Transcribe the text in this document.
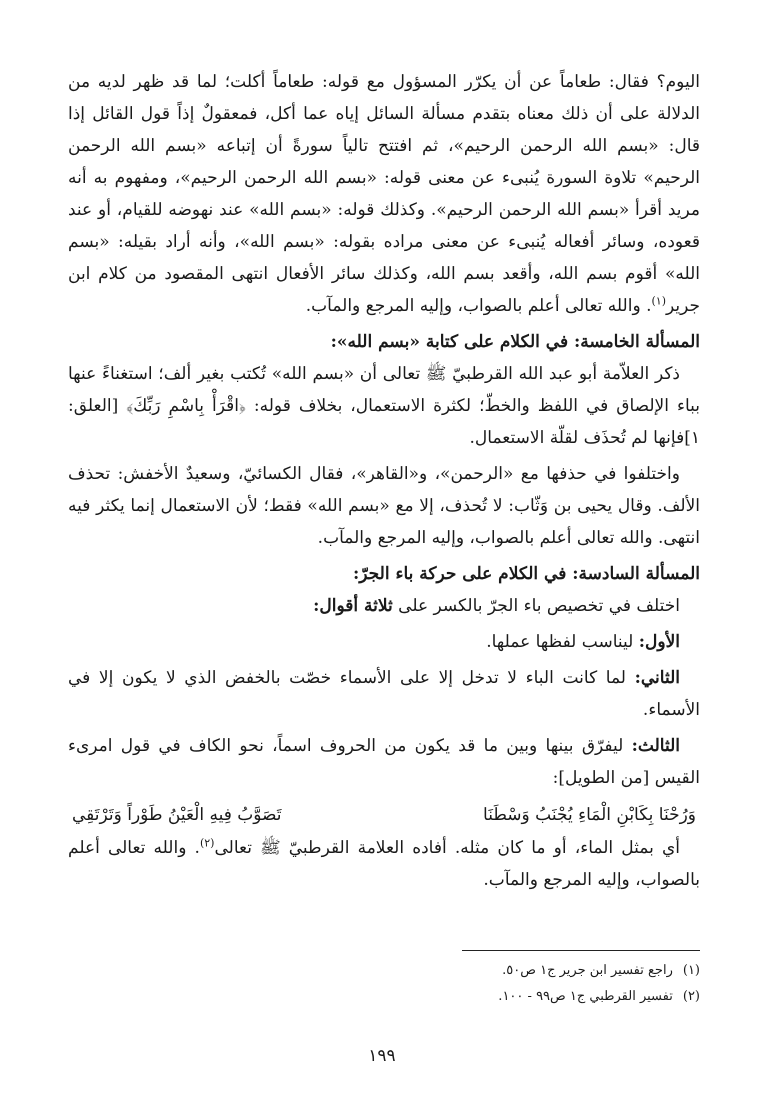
اليوم؟ فقال: طعاماً عن أن يكرّر المسؤول مع قوله: طعاماً أكلت؛ لما قد ظهر لديه من الدلالة على أن ذلك معناه بتقدم مسألة السائل إياه عما أكل، فمعقولٌ إذاً قول القائل إذا قال: «بسم الله الرحمن الرحيم»، ثم افتتح تالياً سورةً أن إتباعه «بسم الله الرحمن الرحيم» تلاوة السورة يُنبىء عن معنى قوله: «بسم الله الرحمن الرحيم»، ومفهوم به أنه مريد أقرأ «بسم الله الرحمن الرحيم». وكذلك قوله: «بسم الله» عند نهوضه للقيام، أو عند قعوده، وسائر أفعاله يُنبىء عن معنى مراده بقوله: «بسم الله»، وأنه أراد بقيله: «بسم الله» أقوم بسم الله، وأقعد بسم الله، وكذلك سائر الأفعال انتهى المقصود من كلام ابن جرير$^{(١)}$. والله تعالى أعلم بالصواب، وإليه المرجع والمآب.

المسألة الخامسة: في الكلام على كتابة «بسم الله»:

ذكر العلاّمة أبو عبد الله القرطبيّ ﷺ تعالى أن «بسم الله» تُكتب بغير ألف؛ استغناءً عنها بباء الإلصاق في اللفظ والخطّ؛ لكثرة الاستعمال، بخلاف قوله: ﴿اقْرَأْ بِاسْمِ رَبِّكَ﴾ [العلق: ١]فإنها لم تُحذَف لقلّة الاستعمال.

واختلفوا في حذفها مع «الرحمن»، و«القاهر»، فقال الكسائيّ، وسعيدٌ الأخفش: تحذف الألف. وقال يحيى بن وَثّاب: لا تُحذف، إلا مع «بسم الله» فقط؛ لأن الاستعمال إنما يكثر فيه انتهى. والله تعالى أعلم بالصواب، وإليه المرجع والمآب.

المسألة السادسة: في الكلام على حركة باء الجرّ:

اختلف في تخصيص باء الجرّ بالكسر على ثلاثة أقوال:

الأول: ليناسب لفظها عملها.

الثاني: لما كانت الباء لا تدخل إلا على الأسماء خصّت بالخفض الذي لا يكون إلا في الأسماء.

الثالث: ليفرّق بينها وبين ما قد يكون من الحروف اسماً، نحو الكاف في قول امرىء القيس [من الطويل]:

وَرُحْنَا بِكَابْنِ الْمَاءِ يُجْنَبُ وَسْطَنَا
تَصَوَّبُ فِيهِ الْعَيْنُ طَوْراً وَتَرْتَقِي

أي بمثل الماء، أو ما كان مثله. أفاده العلامة القرطبيّ ﷺ تعالى$^{(٢)}$. والله تعالى أعلم بالصواب، وإليه المرجع والمآب.

(١)راجع تفسير ابن جرير ج١ ص٥٠.

(٢)تفسير القرطبي ج١ ص٩٩ - ١٠٠.

١٩٩
